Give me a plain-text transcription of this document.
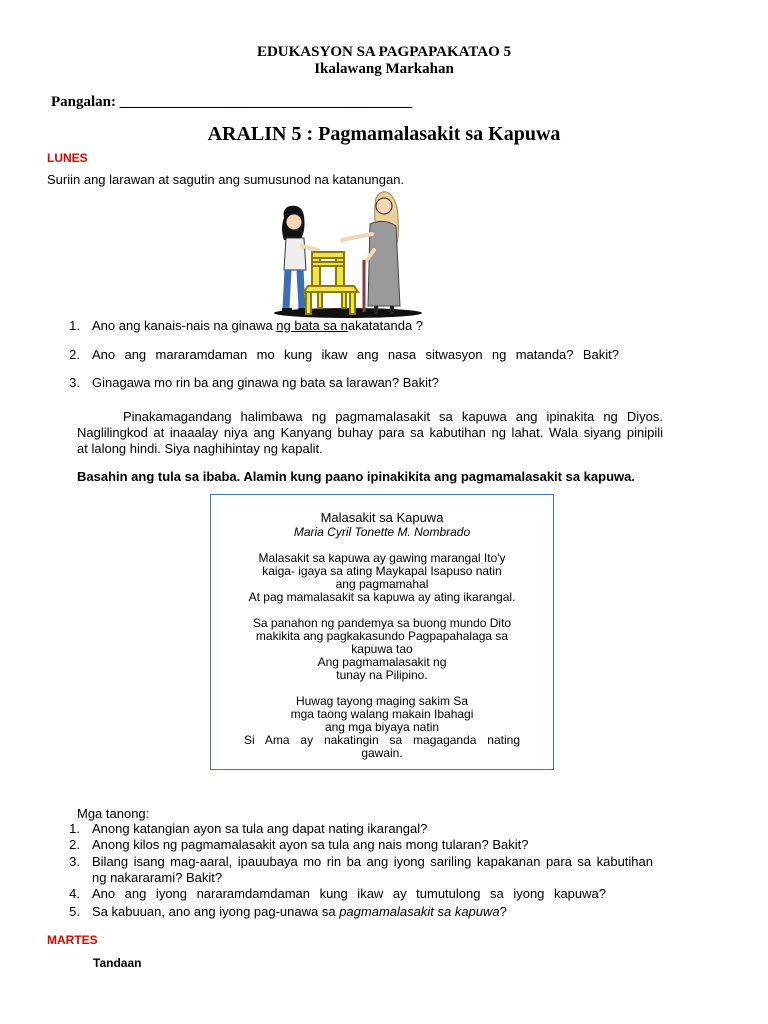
EDUKASYON SA PAGPAPAKATAO 5
Ikalawang Markahan
Pangalan: _______________________________________
ARALIN 5 : Pagmamalasakit sa Kapuwa
LUNES
Suriin ang larawan at sagutin ang sumusunod na katanungan.
1. Ano ang kanais-nais na ginawa ng bata sa nakatatanda ?
2. Ano ang mararamdaman mo kung ikaw ang nasa sitwasyon ng matanda? Bakit?
3. Ginagawa mo rin ba ang ginawa ng bata sa larawan? Bakit?
Pinakamagandang halimbawa ng pagmamalasakit sa kapuwa ang ipinakita ng Diyos.
Naglilingkod at inaaalay niya ang Kanyang buhay para sa kabutihan ng lahat. Wala siyang pinipili
at lalong hindi. Siya naghihintay ng kapalit.
Basahin ang tula sa ibaba. Alamin kung paano ipinakikita ang pagmamalasakit sa kapuwa.
Malasakit sa Kapuwa
Maria Cyril Tonette M. Nombrado
Malasakit sa kapuwa ay gawing marangal Ito'y
kaiga- igaya sa ating Maykapal Isapuso natin
ang pagmamahal
At pag mamalasakit sa kapuwa ay ating ikarangal.
Sa panahon ng pandemya sa buong mundo Dito
makikita ang pagkakasundo Pagpapahalaga sa
kapuwa tao
Ang pagmamalasakit ng
tunay na Pilipino.
Huwag tayong maging sakim Sa
mga taong walang makain Ibahagi
ang mga biyaya natin
Si Ama ay nakatingin sa magaganda nating
gawain.
Mga tanong:
1. Anong katangian ayon sa tula ang dapat nating ikarangal?
2. Anong kilos ng pagmamalasakit ayon sa tula ang nais mong tularan? Bakit?
3. Bilang isang mag-aaral, ipauubaya mo rin ba ang iyong sariling kapakanan para sa kabutihan
ng nakararami? Bakit?
4. Ano ang iyong nararamdamdaman kung ikaw ay tumutulong sa iyong kapuwa?
5. Sa kabuuan, ano ang iyong pag-unawa sa pagmamalasakit sa kapuwa?
MARTES
Tandaan
